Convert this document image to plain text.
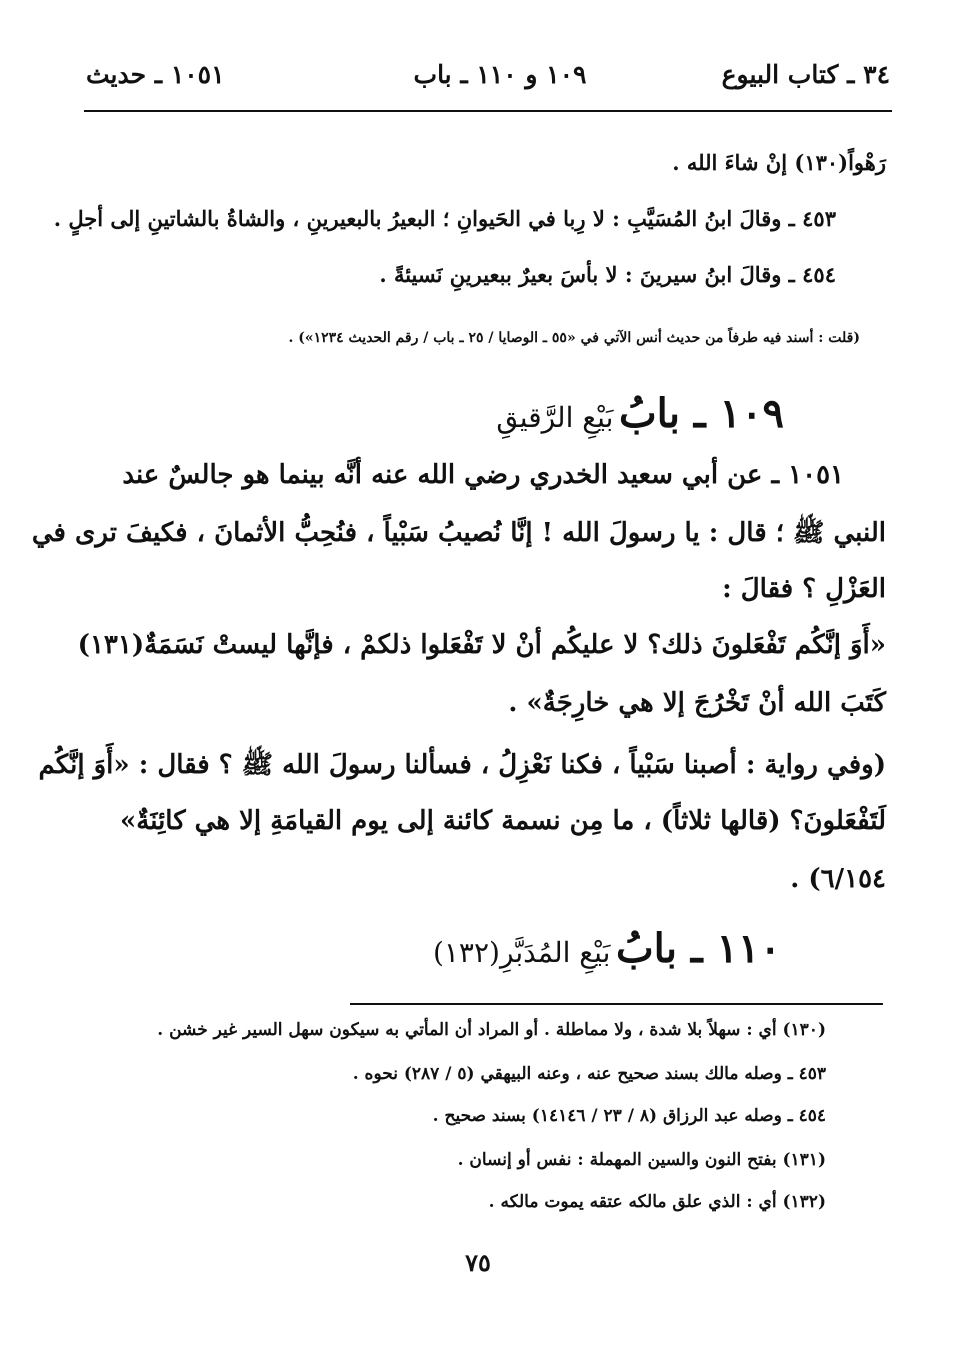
٣٤ ـ كتاب البيوع
١٠٩ و ١١٠ ـ باب
١٠٥١ ـ حديث
رَهْواً(١٣٠) إنْ شاءَ الله .
٤٥٣ ـ وقالَ ابنُ المُسَيَّبِ : لا رِبا في الحَيوانِ ؛ البعيرُ بالبعيرينِ ، والشاةُ بالشاتينِ إلى أجلٍ .
٤٥٤ ـ وقالَ ابنُ سيرينَ : لا بأسَ بعيرٌ ببعيرينِ نَسيئةً .
(قلت : أسند فيه طرفاً من حديث أنس الآتي في «٥٥ ـ الوصايا / ٢٥ ـ باب / رقم الحديث ١٢٣٤») .
١٠٩ ـ بابُ بَيْعِ الرَّقيقِ
١٠٥١ ـ عن أبي سعيد الخدري رضي الله عنه أنَّه بينما هو جالسٌ عند
النبي ﷺ ؛ قال : يا رسولَ الله ! إنَّا نُصيبُ سَبْياً ، فنُحِبُّ الأثمانَ ، فكيفَ ترى في
العَزْلِ ؟ فقالَ :
«أَوَ إنَّكُم تَفْعَلونَ ذلك؟ لا عليكُم أنْ لا تَفْعَلوا ذلكمْ ، فإنَّها ليستْ نَسَمَةٌ(١٣١)
كَتَبَ الله أنْ تَخْرُجَ إلا هي خارِجَةٌ» .
(وفي رواية : أصبنا سَبْياً ، فكنا نَعْزِلُ ، فسألنا رسولَ الله ﷺ ؟ فقال : «أَوَ إنَّكُم
لَتَفْعَلونَ؟ (قالها ثلاثاً) ، ما مِن نسمة كائنة إلى يوم القيامَةِ إلا هي كائِنَةٌ»
٦/١٥٤) .
١١٠ ـ بابُ بَيْعِ المُدَبَّرِ(١٣٢)
(١٣٠) أي : سهلاً بلا شدة ، ولا مماطلة . أو المراد أن المأتي به سيكون سهل السير غير خشن .
٤٥٣ ـ وصله مالك بسند صحيح عنه ، وعنه البيهقي (٥ / ٢٨٧) نحوه .
٤٥٤ ـ وصله عبد الرزاق (٨ / ٢٣ / ١٤١٤٦) بسند صحيح .
(١٣١) بفتح النون والسين المهملة : نفس أو إنسان .
(١٣٢) أي : الذي علق مالكه عتقه يموت مالكه .
٧٥
